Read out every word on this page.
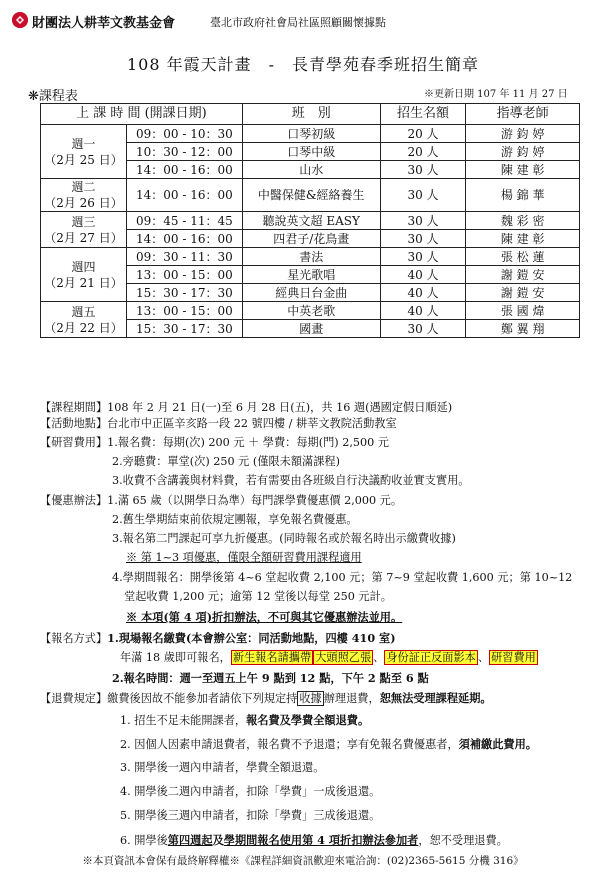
財團法人耕莘文教基金會	臺北市政府社會局社區照顧關懷據點
108 年霞天計畫　-　長青學苑春季班招生簡章
❋課程表	※更新日期 107 年 11 月 27 日
上 課 時 間 (開課日期)		班　別	招生名額	指導老師

週一
（2月 25 日）	09：00 - 10：30	口琴初級	20 人	游 鈞 婷
	10：30 - 12：00	口琴中級	20 人	游 鈞 婷
	14：00 - 16：00	山水	30 人	陳 建 彰

週二
（2月 26 日）	14：00 - 16：00	中醫保健&經絡養生	30 人	楊 錦 華

週三
（2月 27 日）	09：45 - 11：45	聽說英文超 EASY	30 人	魏 彩 密
	14：00 - 16：00	四君子/花鳥畫	30 人	陳 建 彰

週四
（2月 21 日）	09：30 - 11：30	書法	30 人	張 松 蓮
	13：00 - 15：00	星光歌唱	40 人	謝 鎧 安
	15：30 - 17：30	經典日台金曲	40 人	謝 鎧 安

週五
（2月 22 日）	13：00 - 15：00	中英老歌	40 人	張 國 煒
	15：30 - 17：30	國畫	30 人	鄭 翼 翔
【課程期間】108 年 2 月 21 日(一)至 6 月 28 日(五)，共 16 週(遇國定假日順延)
【活動地點】台北市中正區辛亥路一段 22 號四樓 / 耕莘文教院活動教室
【研習費用】1.報名費：每期(次) 200 元 ＋ 學費：每期(門) 2,500 元
2.旁聽費：單堂(次) 250 元 (僅限未額滿課程)
3.收費不含講義與材料費，若有需要由各班級自行決議酌收並實支實用。
【優惠辦法】1.滿 65 歲（以開學日為準）每門課學費優惠價 2,000 元。
2.舊生學期結束前依規定團報，享免報名費優惠。
3.報名第二門課起可享九折優惠。(同時報名或於報名時出示繳費收據)
※ 第 1~3 項優惠，僅限全額研習費用課程適用
4.學期間報名：開學後第 4~6 堂起收費 2,100 元；第 7~9 堂起收費 1,600 元；第 10~12
堂起收費 1,200 元；逾第 12 堂後以每堂 250 元計。
※ 本項(第 4 項)折扣辦法，不可與其它優惠辦法並用。
【報名方式】1.現場報名繳費(本會辦公室：同活動地點，四樓 410 室)
年滿 18 歲即可報名， 新生報名請攜帶 大頭照乙張 、 身份証正反面影本 、 研習費用
2.報名時間：週一至週五上午 9 點到 12 點，下午 2 點至 6 點
【退費規定】繳費後因故不能參加者請依下列規定持 收據 辦理退費，恕無法受理課程延期。
1. 招生不足未能開課者，報名費及學費全額退費。
2. 因個人因素申請退費者，報名費不予退還；享有免報名費優惠者，須補繳此費用。
3. 開學後一週內申請者，學費全額退還。
4. 開學後二週內申請者，扣除「學費」一成後退還。
5. 開學後三週內申請者，扣除「學費」三成後退還。
6. 開學後第四週起及學期間報名使用第 4 項折扣辦法參加者，恕不受理退費。
※本頁資訊本會保有最終解釋權※《課程詳細資訊歡迎來電洽詢：(02)2365-5615 分機 316》
